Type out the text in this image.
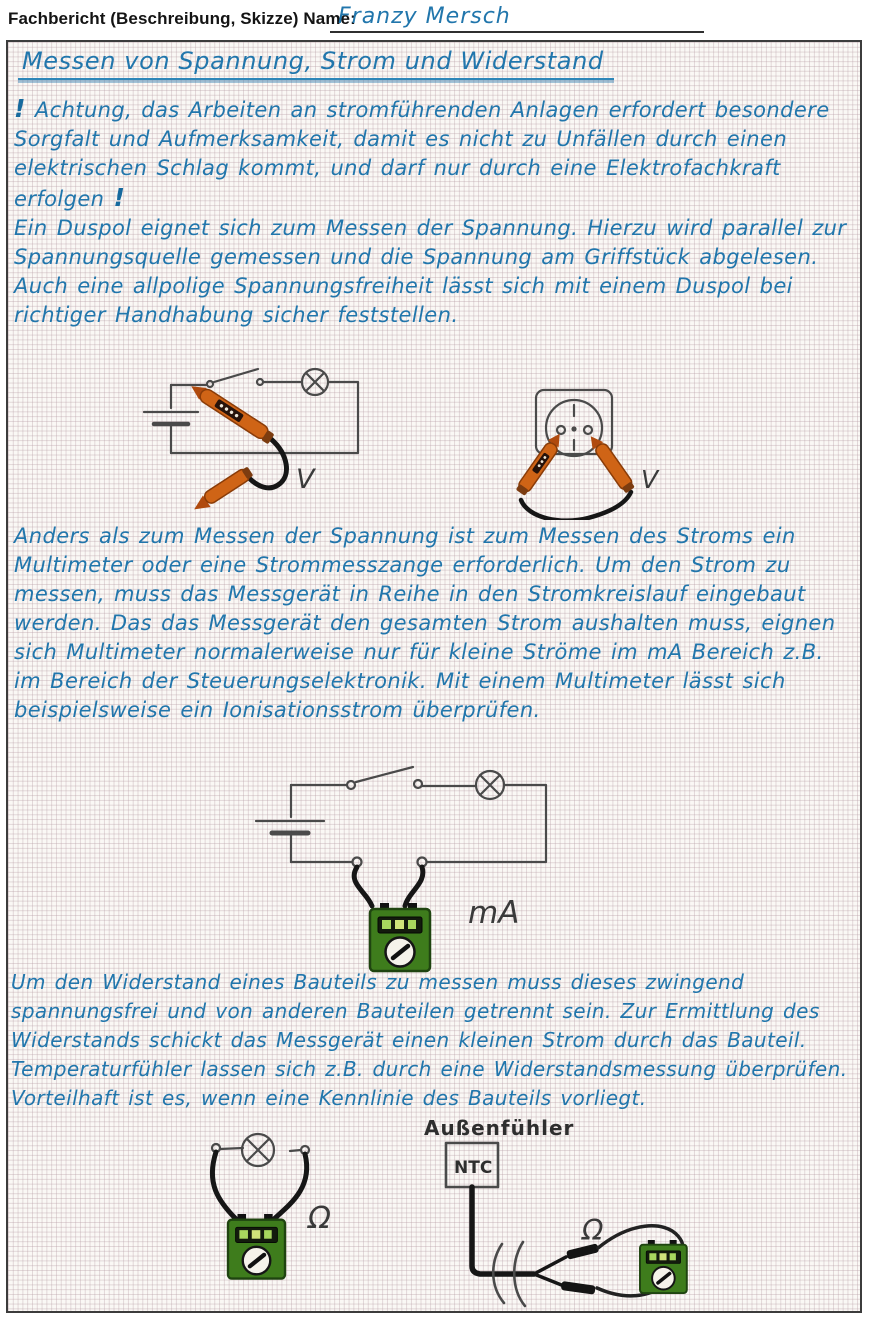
Fachbericht (Beschreibung, Skizze) Name:
Franzy Mersch
Messen von Spannung, Strom und Widerstand
! Achtung, das Arbeiten an stromführenden Anlagen erfordert besondere Sorgfalt und Aufmerksamkeit, damit es nicht zu Unfällen durch einen elektrischen Schlag kommt, und darf nur durch eine Elektrofachkraft erfolgen !
Ein Duspol eignet sich zum Messen der Spannung. Hierzu wird parallel zur Spannungsquelle gemessen und die Spannung am Griffstück abgelesen. Auch eine allpolige Spannungsfreiheit lässt sich mit einem Duspol bei richtiger Handhabung sicher feststellen.
V	V
Anders als zum Messen der Spannung ist zum Messen des Stroms ein Multimeter oder eine Strommesszange erforderlich. Um den Strom zu messen, muss das Messgerät in Reihe in den Stromkreislauf eingebaut werden. Das das Messgerät den gesamten Strom aushalten muss, eignen sich Multimeter normalerweise nur für kleine Ströme im mA Bereich z.B. im Bereich der Steuerungselektronik. Mit einem Multimeter lässt sich beispielsweise ein Ionisationsstrom überprüfen.
mA
Um den Widerstand eines Bauteils zu messen muss dieses zwingend spannungsfrei und von anderen Bauteilen getrennt sein. Zur Ermittlung des Widerstands schickt das Messgerät einen kleinen Strom durch das Bauteil. Temperaturfühler lassen sich z.B. durch eine Widerstandsmessung überprüfen. Vorteilhaft ist es, wenn eine Kennlinie des Bauteils vorliegt.
Ω
Außenfühler
NTC
Ω
